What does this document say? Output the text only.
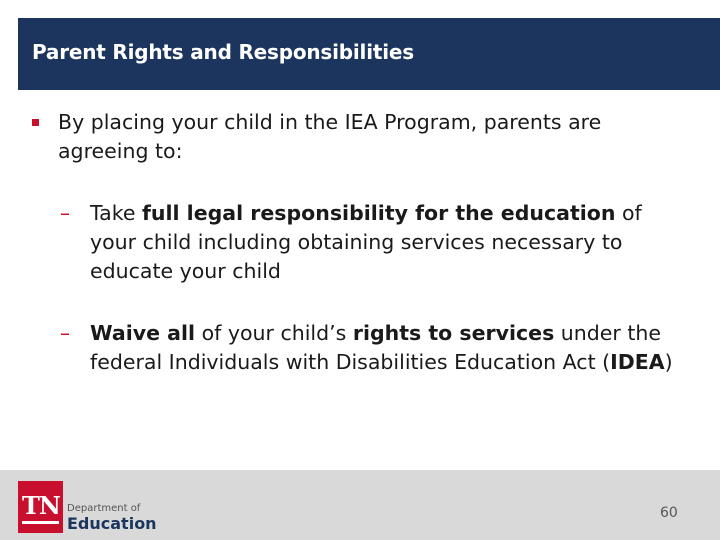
Parent Rights and Responsibilities
By placing your child in the IEA Program, parents are agreeing to:
– Take full legal responsibility for the education of your child including obtaining services necessary to educate your child
– Waive all of your child’s rights to services under the federal Individuals with Disabilities Education Act (IDEA)
TN Department of
Education
60
